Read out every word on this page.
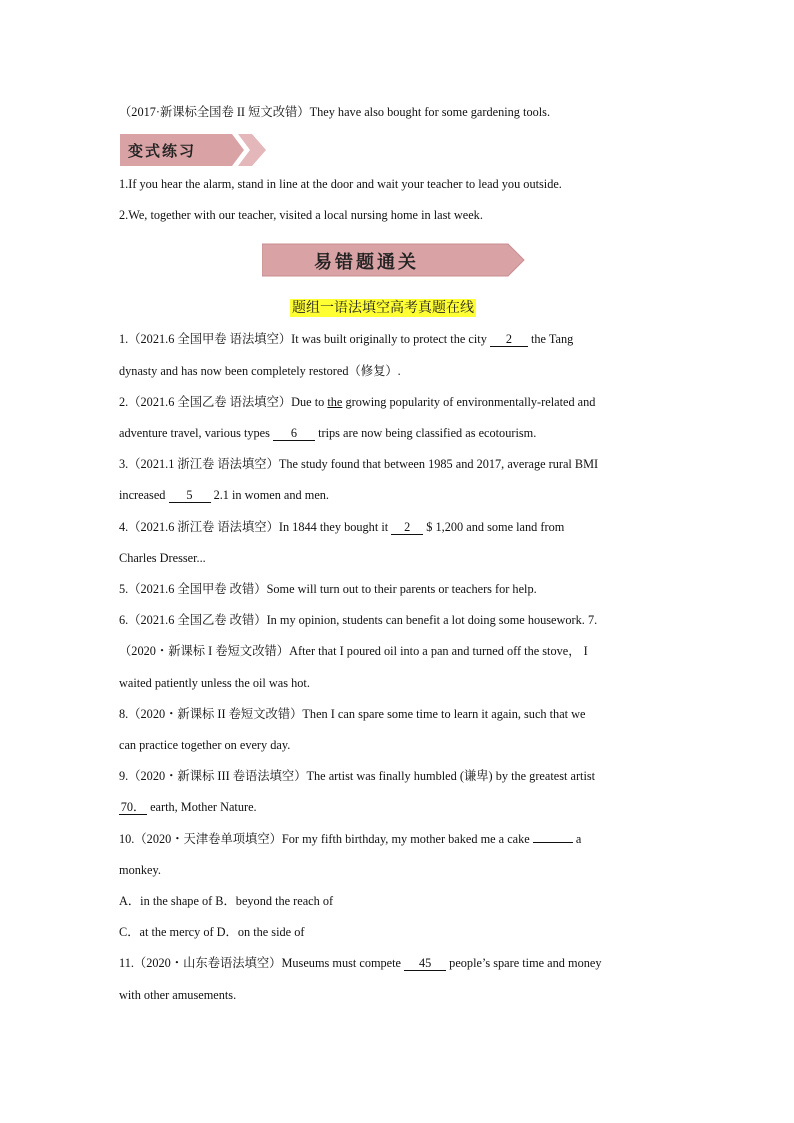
（2017·新课标全国卷 II 短文改错）They have also bought for some gardening tools.
变式练习
1.If you hear the alarm, stand in line at the door and wait your teacher to lead you outside.
2.We, together with our teacher, visited a local nursing home in last week.
易错题通关
题组一语法填空高考真题在线
1.（2021.6 全国甲卷 语法填空）It was built originally to protect the city 2 the Tang
dynasty and has now been completely restored（修复）.
2.（2021.6 全国乙卷 语法填空）Due to the growing popularity of environmentally-related and
adventure travel, various types 6 trips are now being classified as ecotourism.
3.（2021.1 浙江卷 语法填空）The study found that between 1985 and 2017, average rural BMI
increased 5 2.1 in women and men.
4.（2021.6 浙江卷 语法填空）In 1844 they bought it 2 $ 1,200 and some land from
Charles Dresser...
5.（2021.6 全国甲卷 改错）Some will turn out to their parents or teachers for help.
6.（2021.6 全国乙卷 改错）In my opinion, students can benefit a lot doing some housework. 7.
（2020・新课标 I 卷短文改错）After that I poured oil into a pan and turned off the stove， I
waited patiently unless the oil was hot.
8.（2020・新课标 II 卷短文改错）Then I can spare some time to learn it again, such that we
can practice together on every day.
9.（2020・新课标 III 卷语法填空）The artist was finally humbled (谦卑) by the greatest artist
70． earth, Mother Nature.
10.（2020・天津卷单项填空）For my fifth birthday, my mother baked me a cake	a
monkey.
A．in the shape of B．beyond the reach of
C．at the mercy of D．on the side of
11.（2020・山东卷语法填空）Museums must compete 45 people’s spare time and money
with other amusements.
